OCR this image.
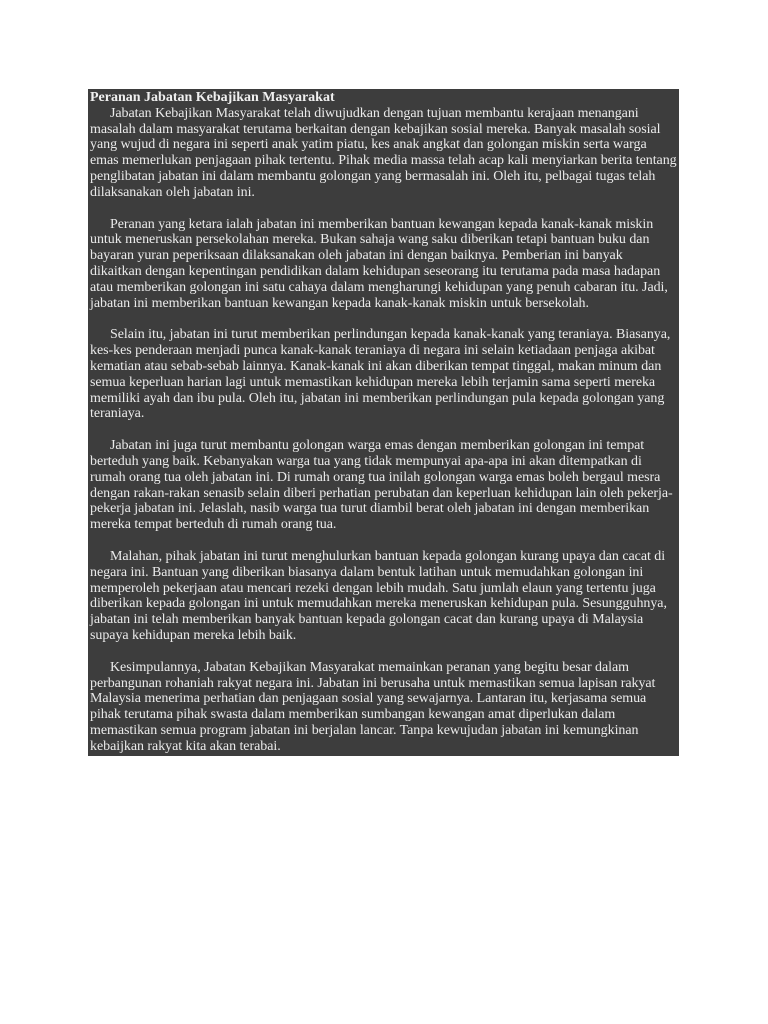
Peranan Jabatan Kebajikan Masyarakat

Jabatan Kebajikan Masyarakat telah diwujudkan dengan tujuan membantu kerajaan menangani masalah dalam masyarakat terutama berkaitan dengan kebajikan sosial mereka. Banyak masalah sosial yang wujud di negara ini seperti anak yatim piatu, kes anak angkat dan golongan miskin serta warga emas memerlukan penjagaan pihak tertentu. Pihak media massa telah acap kali menyiarkan berita tentang penglibatan jabatan ini dalam membantu golongan yang bermasalah ini. Oleh itu, pelbagai tugas telah dilaksanakan oleh jabatan ini.

Peranan yang ketara ialah jabatan ini memberikan bantuan kewangan kepada kanak-kanak miskin untuk meneruskan persekolahan mereka. Bukan sahaja wang saku diberikan tetapi bantuan buku dan bayaran yuran peperiksaan dilaksanakan oleh jabatan ini dengan baiknya. Pemberian ini banyak dikaitkan dengan kepentingan pendidikan dalam kehidupan seseorang itu terutama pada masa hadapan atau memberikan golongan ini satu cahaya dalam mengharungi kehidupan yang penuh cabaran itu. Jadi, jabatan ini memberikan bantuan kewangan kepada kanak-kanak miskin untuk bersekolah.

Selain itu, jabatan ini turut memberikan perlindungan kepada kanak-kanak yang teraniaya. Biasanya, kes-kes penderaan menjadi punca kanak-kanak teraniaya di negara ini selain ketiadaan penjaga akibat kematian atau sebab-sebab lainnya. Kanak-kanak ini akan diberikan tempat tinggal, makan minum dan semua keperluan harian lagi untuk memastikan kehidupan mereka lebih terjamin sama seperti mereka memiliki ayah dan ibu pula. Oleh itu, jabatan ini memberikan perlindungan pula kepada golongan yang teraniaya.

Jabatan ini juga turut membantu golongan warga emas dengan memberikan golongan ini tempat berteduh yang baik. Kebanyakan warga tua yang tidak mempunyai apa-apa ini akan ditempatkan di rumah orang tua oleh jabatan ini. Di rumah orang tua inilah golongan warga emas boleh bergaul mesra dengan rakan-rakan senasib selain diberi perhatian perubatan dan keperluan kehidupan lain oleh pekerja-pekerja jabatan ini. Jelaslah, nasib warga tua turut diambil berat oleh jabatan ini dengan memberikan mereka tempat berteduh di rumah orang tua.

Malahan, pihak jabatan ini turut menghulurkan bantuan kepada golongan kurang upaya dan cacat di negara ini. Bantuan yang diberikan biasanya dalam bentuk latihan untuk memudahkan golongan ini memperoleh pekerjaan atau mencari rezeki dengan lebih mudah. Satu jumlah elaun yang tertentu juga diberikan kepada golongan ini untuk memudahkan mereka meneruskan kehidupan pula. Sesungguhnya, jabatan ini telah memberikan banyak bantuan kepada golongan cacat dan kurang upaya di Malaysia supaya kehidupan mereka lebih baik.

Kesimpulannya, Jabatan Kebajikan Masyarakat memainkan peranan yang begitu besar dalam perbangunan rohaniah rakyat negara ini. Jabatan ini berusaha untuk memastikan semua lapisan rakyat Malaysia menerima perhatian dan penjagaan sosial yang sewajarnya. Lantaran itu, kerjasama semua pihak terutama pihak swasta dalam memberikan sumbangan kewangan amat diperlukan dalam memastikan semua program jabatan ini berjalan lancar. Tanpa kewujudan jabatan ini kemungkinan kebaijkan rakyat kita akan terabai.
